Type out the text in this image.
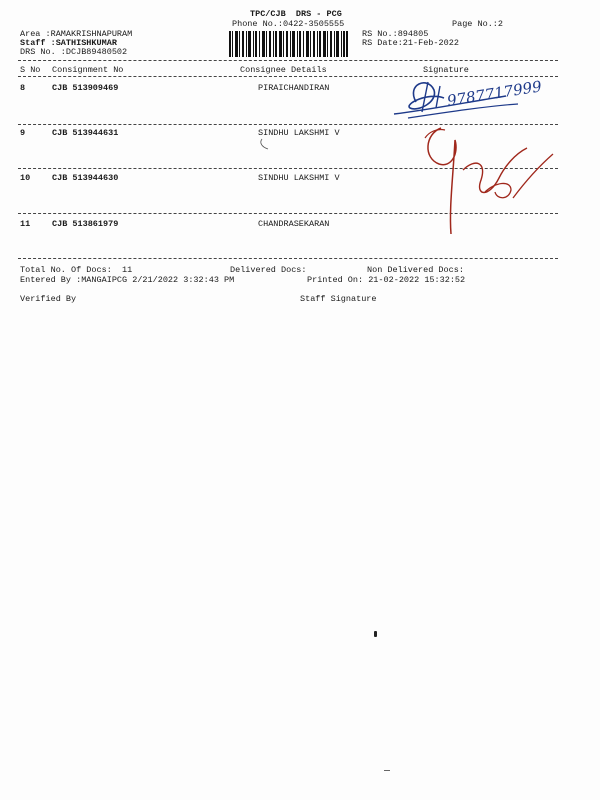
TPC/CJB  DRS - PCG
Phone No.:0422-3505555	Page No.:2
Area :RAMAKRISHNAPURAM
Staff :SATHISHKUMAR
DRS No. :DCJB89480502
RS No.:894805
RS Date:21-Feb-2022
S No Consignment No	Consignee Details	Signature
8	CJB 513909469	PIRAICHANDIRAN
9	CJB 513944631	SINDHU LAKSHMI V
10	CJB 513944630	SINDHU LAKSHMI V
11	CJB 513861979	CHANDRASEKARAN
9787717999
Total No. Of Docs:  11	Delivered Docs:	Non Delivered Docs:
Entered By :MANGAIPCG 2/21/2022 3:32:43 PM	Printed On: 21-02-2022 15:32:52
Verified By	Staff Signature
